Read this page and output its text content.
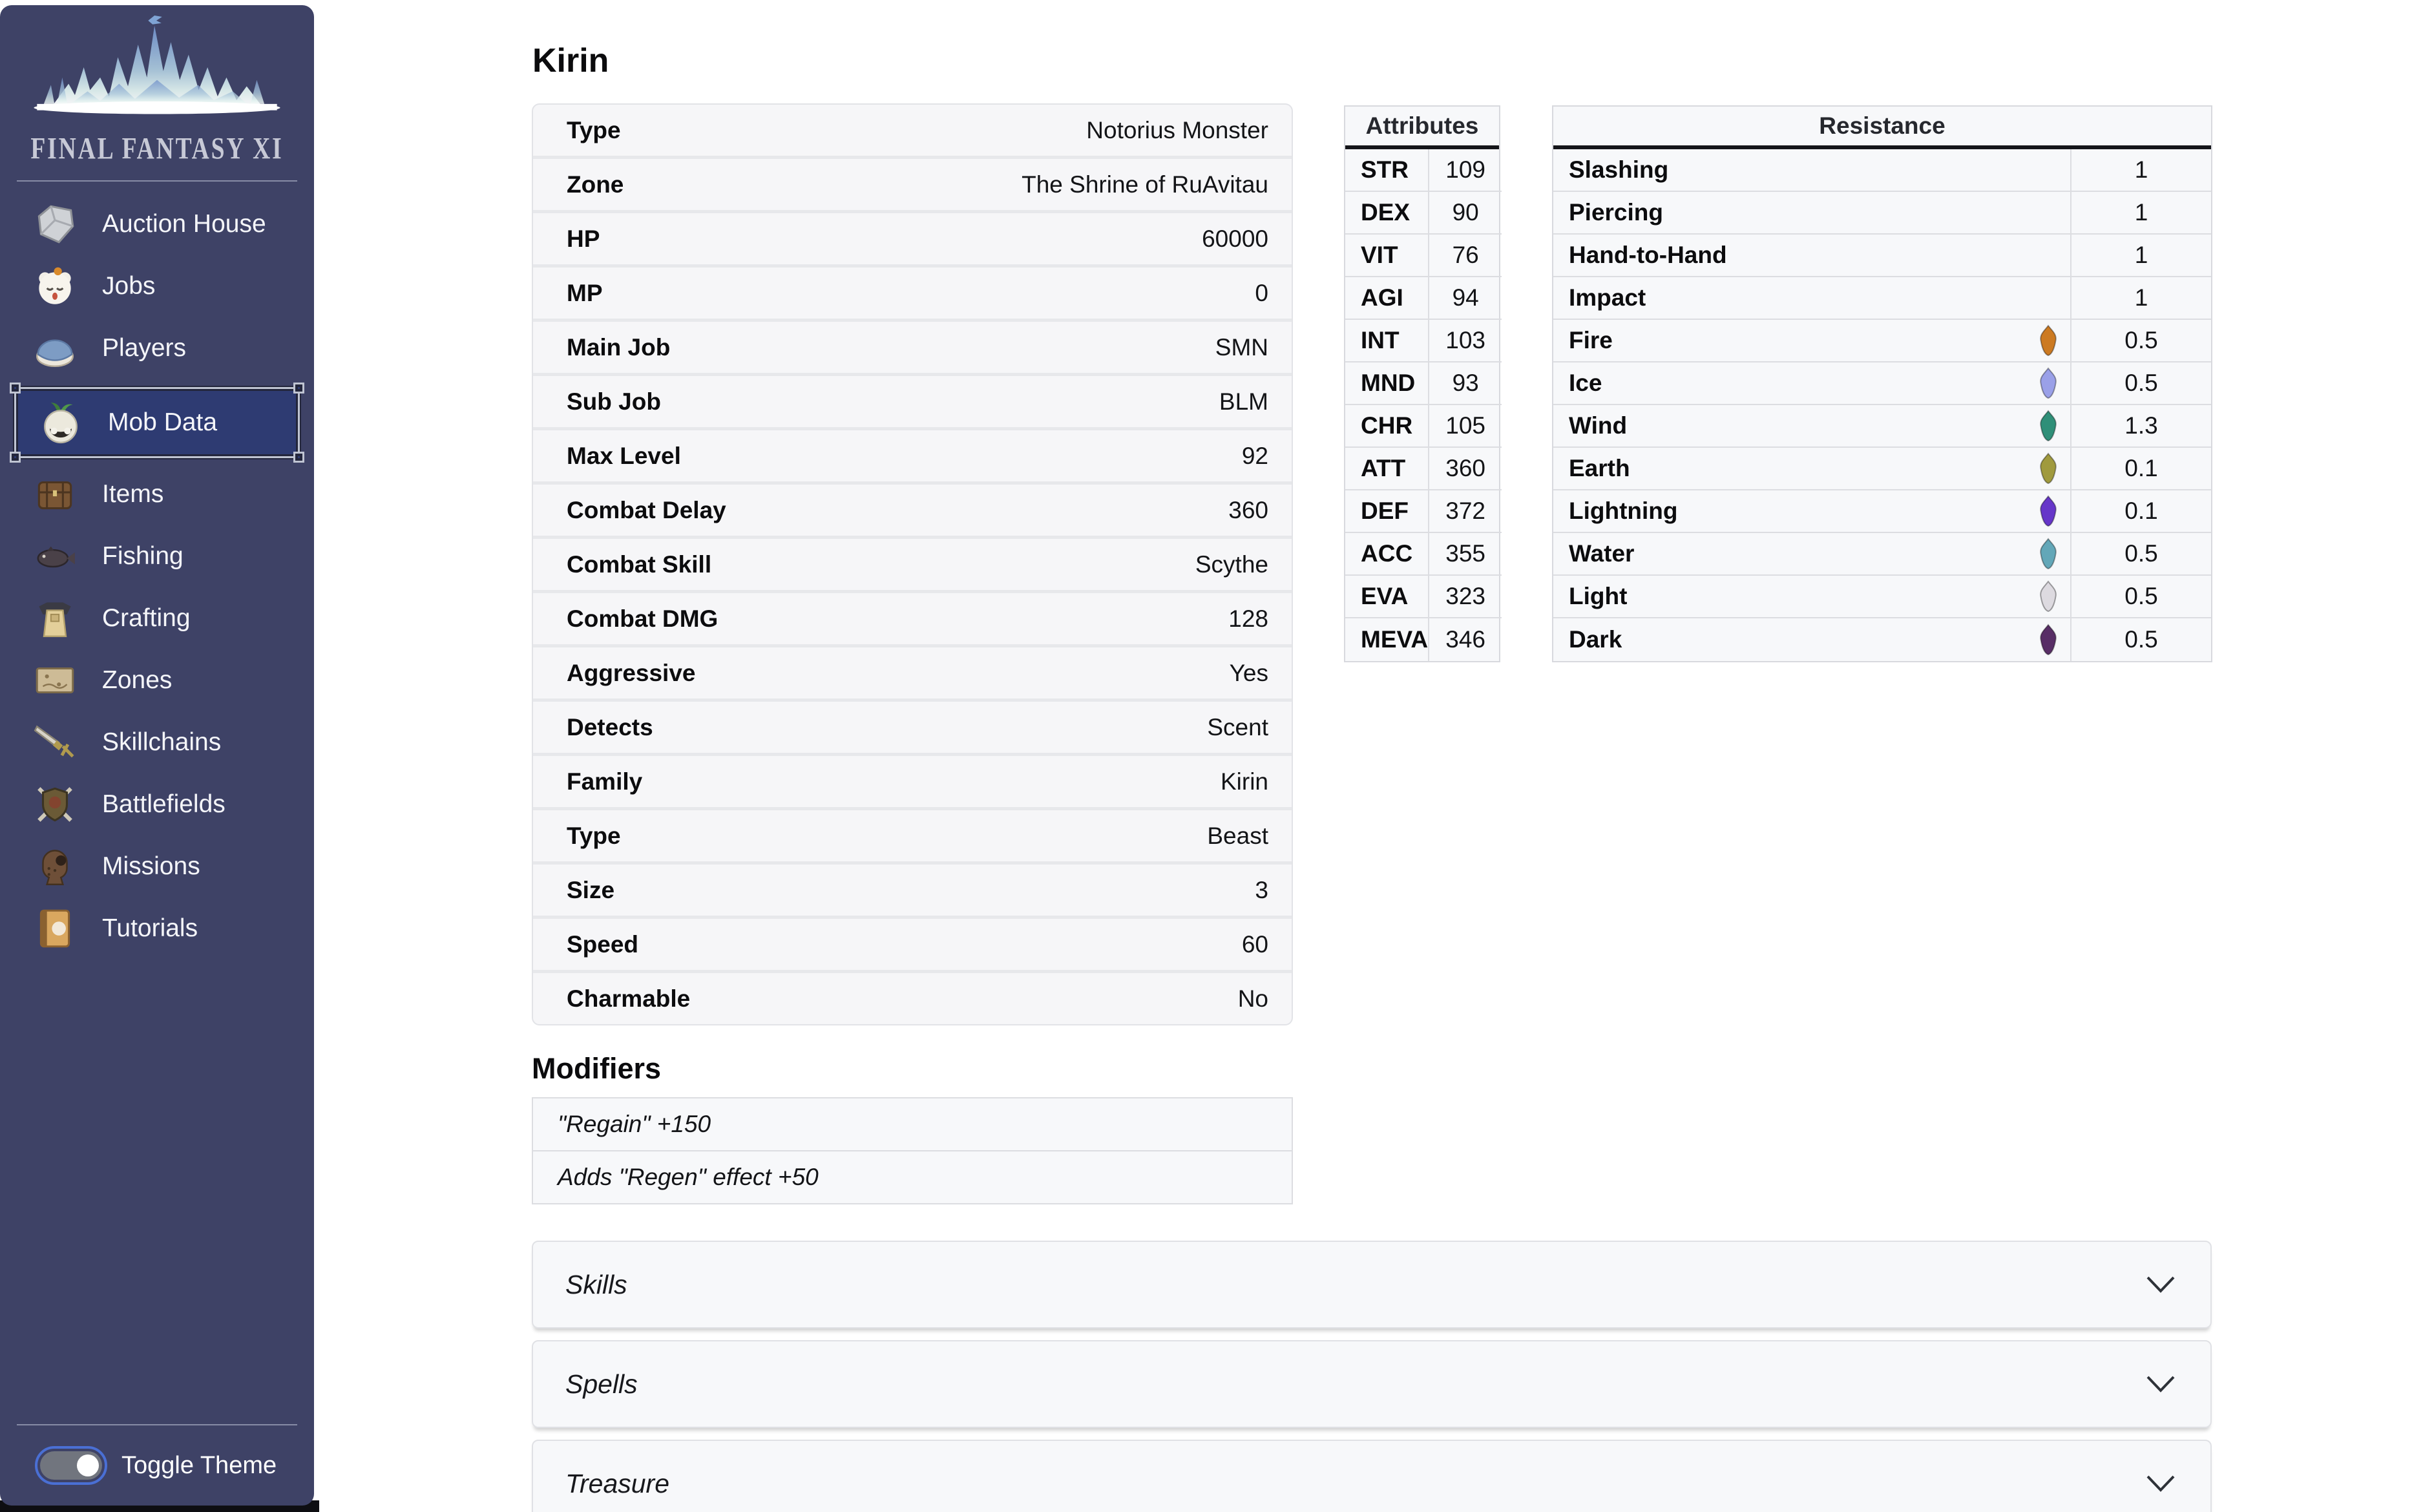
FINAL FANTASY XI
Auction House
Jobs
Players
Mob Data
Items
Fishing
Crafting
Zones
Skillchains
Battlefields
Missions
Tutorials
Toggle Theme
Kirin
Type	Notorius Monster
Zone	The Shrine of RuAvitau
HP	60000
MP	0
Main Job	SMN
Sub Job	BLM
Max Level	92
Combat Delay	360
Combat Skill	Scythe
Combat DMG	128
Aggressive	Yes
Detects	Scent
Family	Kirin
Type	Beast
Size	3
Speed	60
Charmable	No
Attributes
STR	109
DEX	90
VIT	76
AGI	94
INT	103
MND	93
CHR	105
ATT	360
DEF	372
ACC	355
EVA	323
MEVA 346
Resistance
Slashing	1
Piercing	1
Hand-to-Hand	1
Impact	1
Fire	0.5
Ice	0.5
Wind	1.3
Earth	0.1
Lightning	0.1
Water	0.5
Light	0.5
Dark	0.5
Modifiers
"Regain" +150
Adds "Regen" effect +50
Skills
Spells
Treasure
